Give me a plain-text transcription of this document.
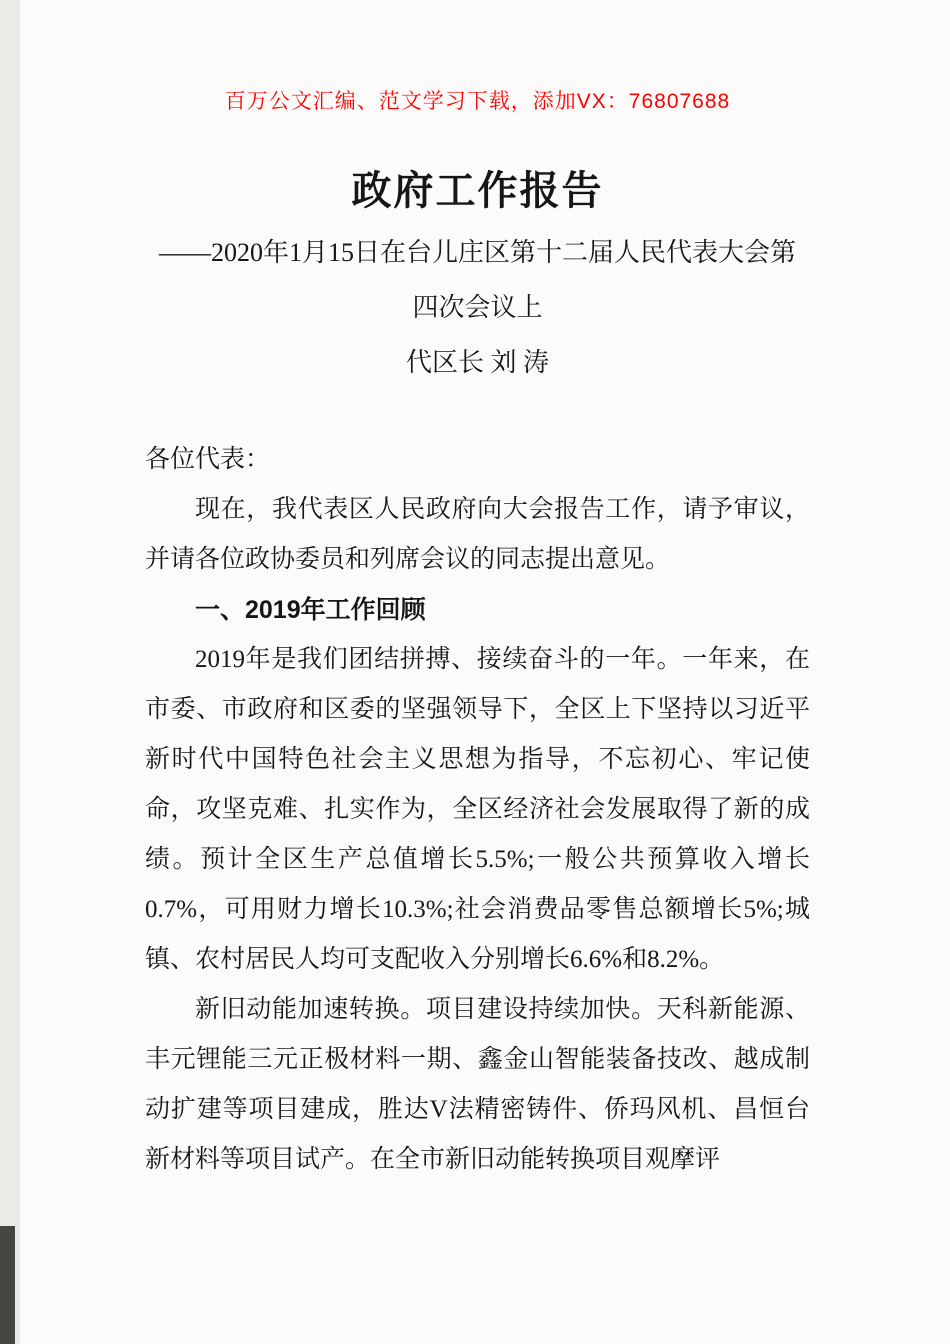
百万公文汇编、范文学习下载，添加VX：76807688
政府工作报告
——2020年1月15日在台儿庄区第十二届人民代表大会第
四次会议上
代区长 刘 涛

各位代表：

现在，我代表区人民政府向大会报告工作，请予审议，并请各位政协委员和列席会议的同志提出意见。

一、2019年工作回顾

2019年是我们团结拼搏、接续奋斗的一年。一年来，在市委、市政府和区委的坚强领导下，全区上下坚持以习近平新时代中国特色社会主义思想为指导，不忘初心、牢记使命，攻坚克难、扎实作为，全区经济社会发展取得了新的成绩。预计全区生产总值增长5.5%;一般公共预算收入增长0.7%，可用财力增长10.3%;社会消费品零售总额增长5%;城镇、农村居民人均可支配收入分别增长6.6%和8.2%。

新旧动能加速转换。项目建设持续加快。天科新能源、丰元锂能三元正极材料一期、鑫金山智能装备技改、越成制动扩建等项目建成，胜达V法精密铸件、侨玛风机、昌恒台新材料等项目试产。在全市新旧动能转换项目观摩评
